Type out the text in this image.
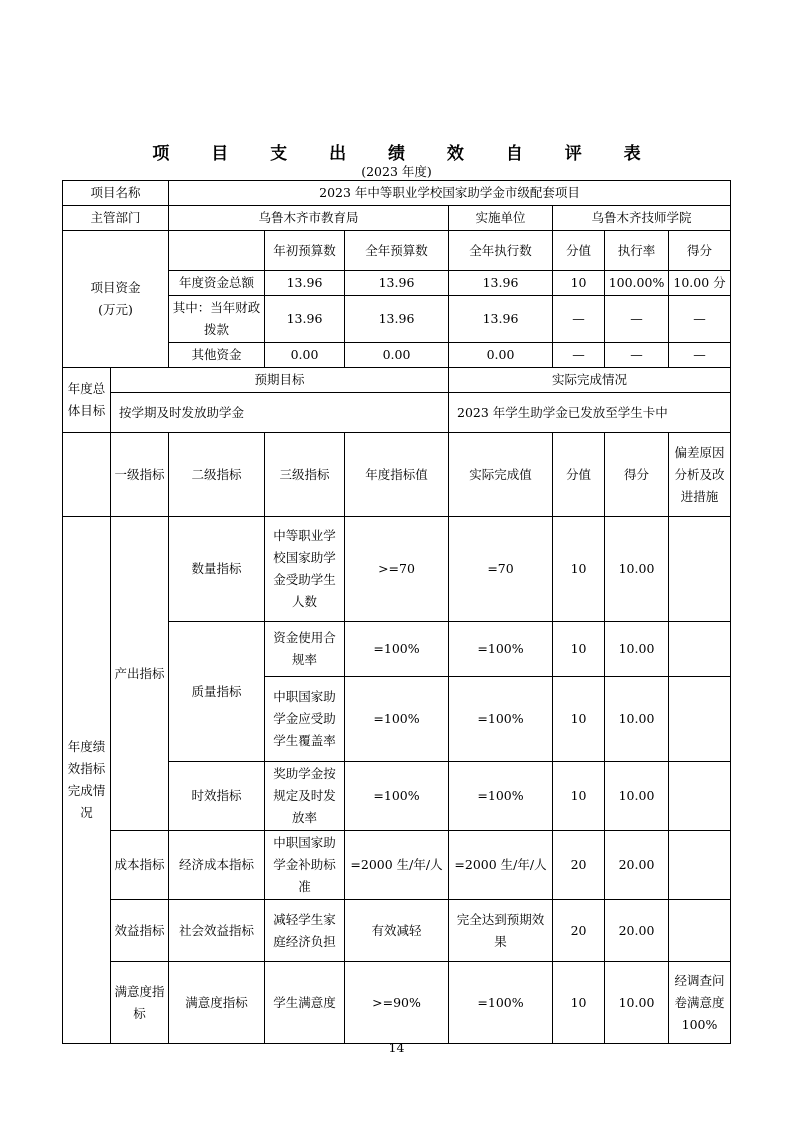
项 目 支 出 绩 效 自 评 表
(2023 年度)
项目名称		2023 年中等职业学校国家助学金市级配套项目						
主管部门		乌鲁木齐市教育局			实施单位	乌鲁木齐技师学院		

项目资金
(万元)			年初预算数	全年预算数	全年执行数	分值	执行率	得分
		年度资金总额	13.96	13.96	13.96	10	100.00%	10.00 分
		其中：当年财政拨款	13.96	13.96	13.96	—	—	—
		其他资金	0.00	0.00	0.00	—	—	—
年度总体目标	预期目标				实际完成情况			
	按学期及时发放助学金				2023 年学生助学金已发放至学生卡中			
	一级指标	二级指标	三级指标	年度指标值	实际完成值	分值	得分	偏差原因分析及改进措施
年度绩效指标完成情况	产出指标	数量指标	中等职业学校国家助学金受助学生人数	>=70	=70	10	10.00	
		质量指标	资金使用合规率	=100%	=100%	10	10.00	
			中职国家助学金应受助学生覆盖率	=100%	=100%	10	10.00	
		时效指标	奖助学金按规定及时发放率	=100%	=100%	10	10.00	
	成本指标	经济成本指标	中职国家助学金补助标准	=2000 生/年/人	=2000 生/年/人	20	20.00	
	效益指标	社会效益指标	减轻学生家庭经济负担	有效减轻	完全达到预期效果	20	20.00	
	满意度指标	满意度指标	学生满意度	>=90%	=100%	10	10.00	经调查问卷满意度100%
14
